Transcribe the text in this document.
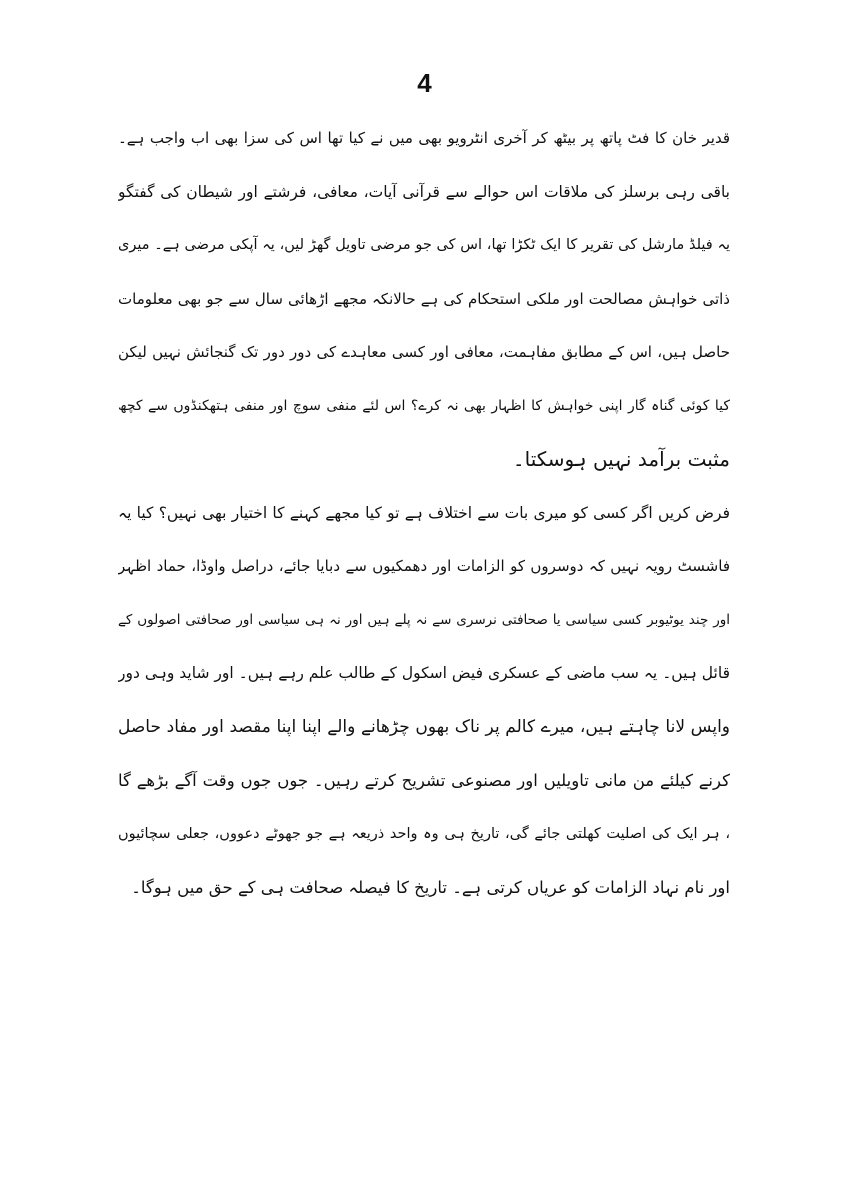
4
قدیر خان کا فٹ پاتھ پر بیٹھ کر آخری انٹرویو بھی میں نے کیا تھا اس کی سزا بھی اب واجب ہے۔
باقی رہی برسلز کی ملاقات اس حوالے سے قرآنی آیات، معافی، فرشتے اور شیطان کی گفتگو
یہ فیلڈ مارشل کی تقریر کا ایک ٹکڑا تھا، اس کی جو مرضی تاویل گھڑ لیں، یہ آپکی مرضی ہے۔ میری
ذاتی خواہش مصالحت اور ملکی استحکام کی ہے حالانکہ مجھے اڑھائی سال سے جو بھی معلومات
حاصل ہیں، اس کے مطابق مفاہمت، معافی اور کسی معاہدے کی دور دور تک گنجائش نہیں لیکن
کیا کوئی گناہ گار اپنی خواہش کا اظہار بھی نہ کرے؟ اس لئے منفی سوچ اور منفی ہتھکنڈوں سے کچھ
مثبت برآمد نہیں ہوسکتا۔
فرض کریں اگر کسی کو میری بات سے اختلاف ہے تو کیا مجھے کہنے کا اختیار بھی نہیں؟ کیا یہ
فاشسٹ رویہ نہیں کہ دوسروں کو الزامات اور دھمکیوں سے دبایا جائے، دراصل واوڈا، حماد اظہر
اور چند یوٹیوبر کسی سیاسی یا صحافتی نرسری سے نہ پلے ہیں اور نہ ہی سیاسی اور صحافتی اصولوں کے
قائل ہیں۔ یہ سب ماضی کے عسکری فیض اسکول کے طالب علم رہے ہیں۔ اور شاید وہی دور
واپس لانا چاہتے ہیں، میرے کالم پر ناک بھوں چڑھانے والے اپنا اپنا مقصد اور مفاد حاصل
کرنے کیلئے من مانی تاویلیں اور مصنوعی تشریح کرتے رہیں۔ جوں جوں وقت آگے بڑھے گا
، ہر ایک کی اصلیت کھلتی جائے گی، تاریخ ہی وہ واحد ذریعہ ہے جو جھوٹے دعووں، جعلی سچائیوں
اور نام نہاد الزامات کو عریاں کرتی ہے۔ تاریخ کا فیصلہ صحافت ہی کے حق میں ہوگا۔
